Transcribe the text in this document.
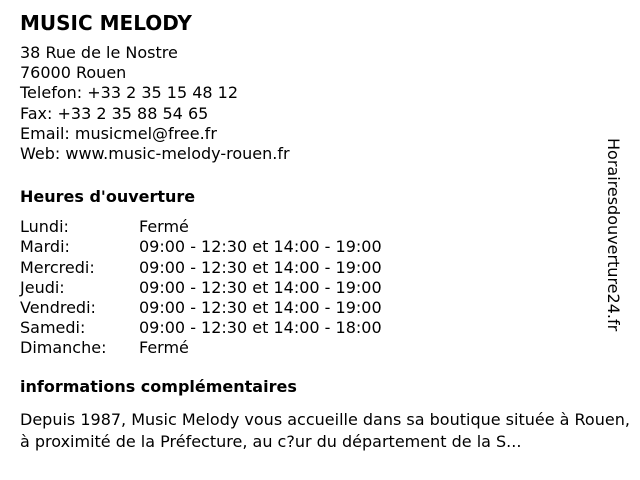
MUSIC MELODY
38 Rue de le Nostre
76000 Rouen
Telefon: +33 2 35 15 48 12
Fax: +33 2 35 88 54 65
Email: musicmel@free.fr
Web: www.music-melody-rouen.fr
Heures d'ouverture
Lundi:	Fermé
Mardi:	09:00 - 12:30 et 14:00 - 19:00
Mercredi:	09:00 - 12:30 et 14:00 - 19:00
Jeudi:	09:00 - 12:30 et 14:00 - 19:00
Vendredi:	09:00 - 12:30 et 14:00 - 19:00
Samedi:	09:00 - 12:30 et 14:00 - 18:00
Dimanche:	Fermé
informations complémentaires
Depuis 1987, Music Melody vous accueille dans sa boutique située à Rouen, à proximité de la Préfecture, au c?ur du département de la S...
Horairesdouverture24.fr
